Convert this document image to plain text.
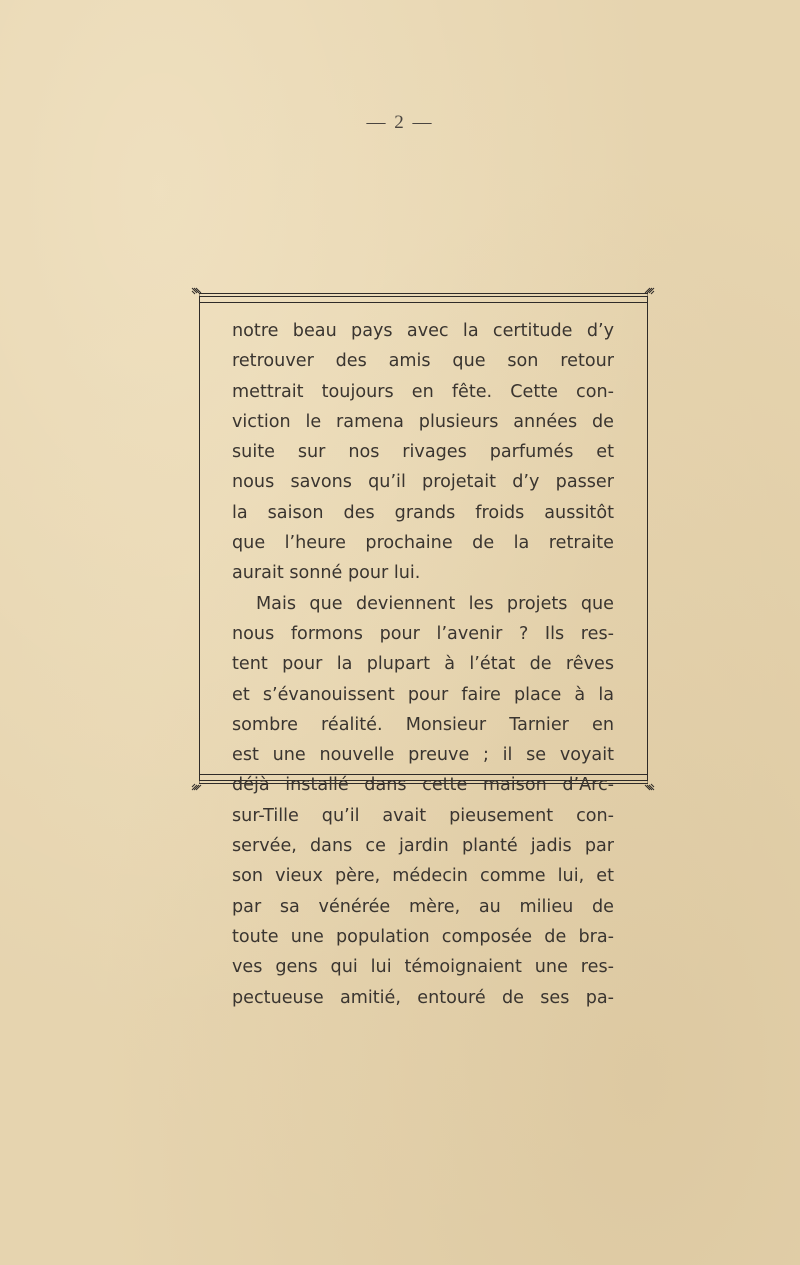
— 2 —
notre beau pays avec la certitude d’y
retrouver des amis que son retour
mettrait toujours en fête. Cette con-
viction le ramena plusieurs années de
suite sur nos rivages parfumés et
nous savons qu’il projetait d’y passer
la saison des grands froids aussitôt
que l’heure prochaine de la retraite
aurait sonné pour lui.
Mais que deviennent les projets que
nous formons pour l’avenir ? Ils res-
tent pour la plupart à l’état de rêves
et s’évanouissent pour faire place à la
sombre réalité. Monsieur Tarnier en
est une nouvelle preuve ; il se voyait
déjà installé dans cette maison d’Arc-
sur-Tille qu’il avait pieusement con-
servée, dans ce jardin planté jadis par
son vieux père, médecin comme lui, et
par sa vénérée mère, au milieu de
toute une population composée de bra-
ves gens qui lui témoignaient une res-
pectueuse amitié, entouré de ses pa-
